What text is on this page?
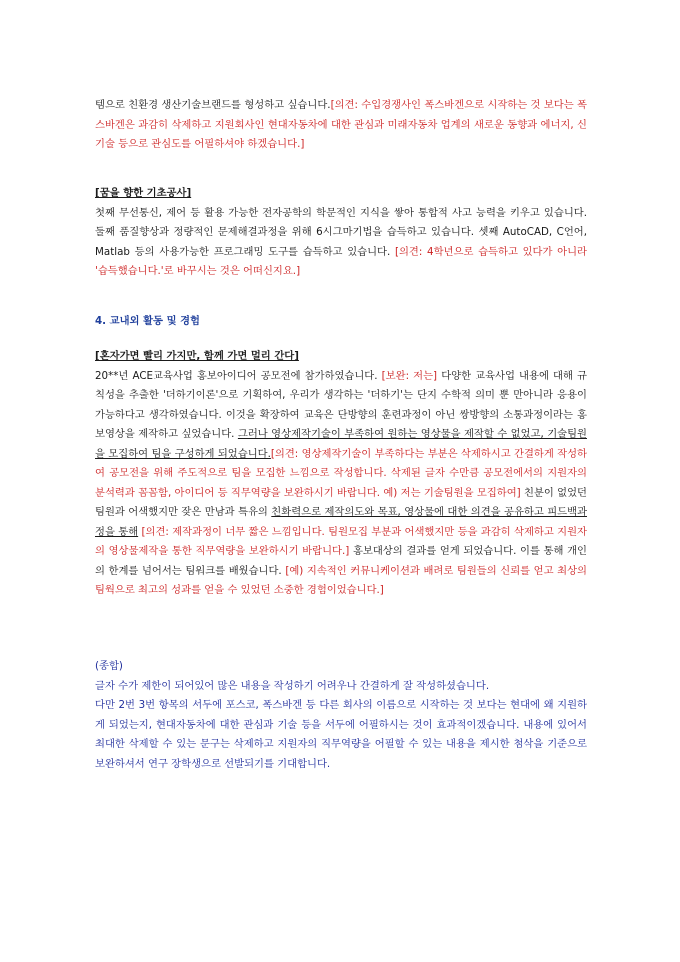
템으로 친환경 생산기술브랜드를 형성하고 싶습니다.[의견: 수입경쟁사인 폭스바겐으로 시작하는 것 보다는 폭스바겐은 과감히 삭제하고 지원회사인 현대자동차에 대한 관심과 미래자동차 업계의 새로운 동향과 에너지, 신기술 등으로 관심도를 어필하셔야 하겠습니다.]

[꿈을 향한 기초공사]

첫째 무선통신, 제어 등 활용 가능한 전자공학의 학문적인 지식을 쌓아 통합적 사고 능력을 키우고 있습니다. 둘째 품질향상과 정량적인 문제해결과정을 위해 6시그마기법을 습득하고 있습니다. 셋째 AutoCAD, C언어, Matlab 등의 사용가능한 프로그래밍 도구를 습득하고 있습니다. [의견: 4학년으로 습득하고 있다가 아니라 '습득했습니다.'로 바꾸시는 것은 어떠신지요.]

4. 교내외 활동 및 경험

[혼자가면 빨리 가지만, 함께 가면 멀리 간다]

20**년 ACE교육사업 홍보아이디어 공모전에 참가하였습니다. [보완: 저는] 다양한 교육사업 내용에 대해 규칙성을 추출한 '더하기이론'으로 기획하여, 우리가 생각하는 '더하기'는 단지 수학적 의미 뿐 만아니라 응용이 가능하다고 생각하였습니다. 이것을 확장하여 교육은 단방향의 훈련과정이 아닌 쌍방향의 소통과정이라는 홍보영상을 제작하고 싶었습니다. 그러나 영상제작기술이 부족하여 원하는 영상물을 제작할 수 없었고, 기술팀원을 모집하여 팀을 구성하게 되었습니다.[의견: 영상제작기술이 부족하다는 부분은 삭제하시고 간결하게 작성하여 공모전을 위해 주도적으로 팀을 모집한 느낌으로 작성합니다. 삭제된 글자 수만큼 공모전에서의 지원자의 분석력과 꼼꼼함, 아이디어 등 직무역량을 보완하시기 바랍니다. 예) 저는 기술팀원을 모집하여] 친분이 없었던 팀원과 어색했지만 잦은 만남과 특유의 친화력으로 제작의도와 목표, 영상물에 대한 의견을 공유하고 피드백과정을 통해 [의견: 제작과정이 너무 짧은 느낌입니다. 팀원모집 부분과 어색했지만 등을 과감히 삭제하고 지원자의 영상물제작을 통한 직무역량을 보완하시기 바랍니다.] 홍보대상의 결과를 얻게 되었습니다. 이를 통해 개인의 한계를 넘어서는 팀워크를 배웠습니다. [예) 지속적인 커뮤니케이션과 배려로 팀원들의 신뢰를 얻고 최상의 팀웍으로 최고의 성과를 얻을 수 있었던 소중한 경험이었습니다.]

(종합)

글자 수가 제한이 되어있어 많은 내용을 작성하기 어려우나 간결하게 잘 작성하셨습니다.

다만 2번 3번 항목의 서두에 포스코, 폭스바겐 등 다른 회사의 이름으로 시작하는 것 보다는 현대에 왜 지원하게 되었는지, 현대자동차에 대한 관심과 기술 등을 서두에 어필하시는 것이 효과적이겠습니다. 내용에 있어서 최대한 삭제할 수 있는 문구는 삭제하고 지원자의 직무역량을 어필할 수 있는 내용을 제시한 첨삭을 기준으로 보완하셔서 연구 장학생으로 선발되기를 기대합니다.
